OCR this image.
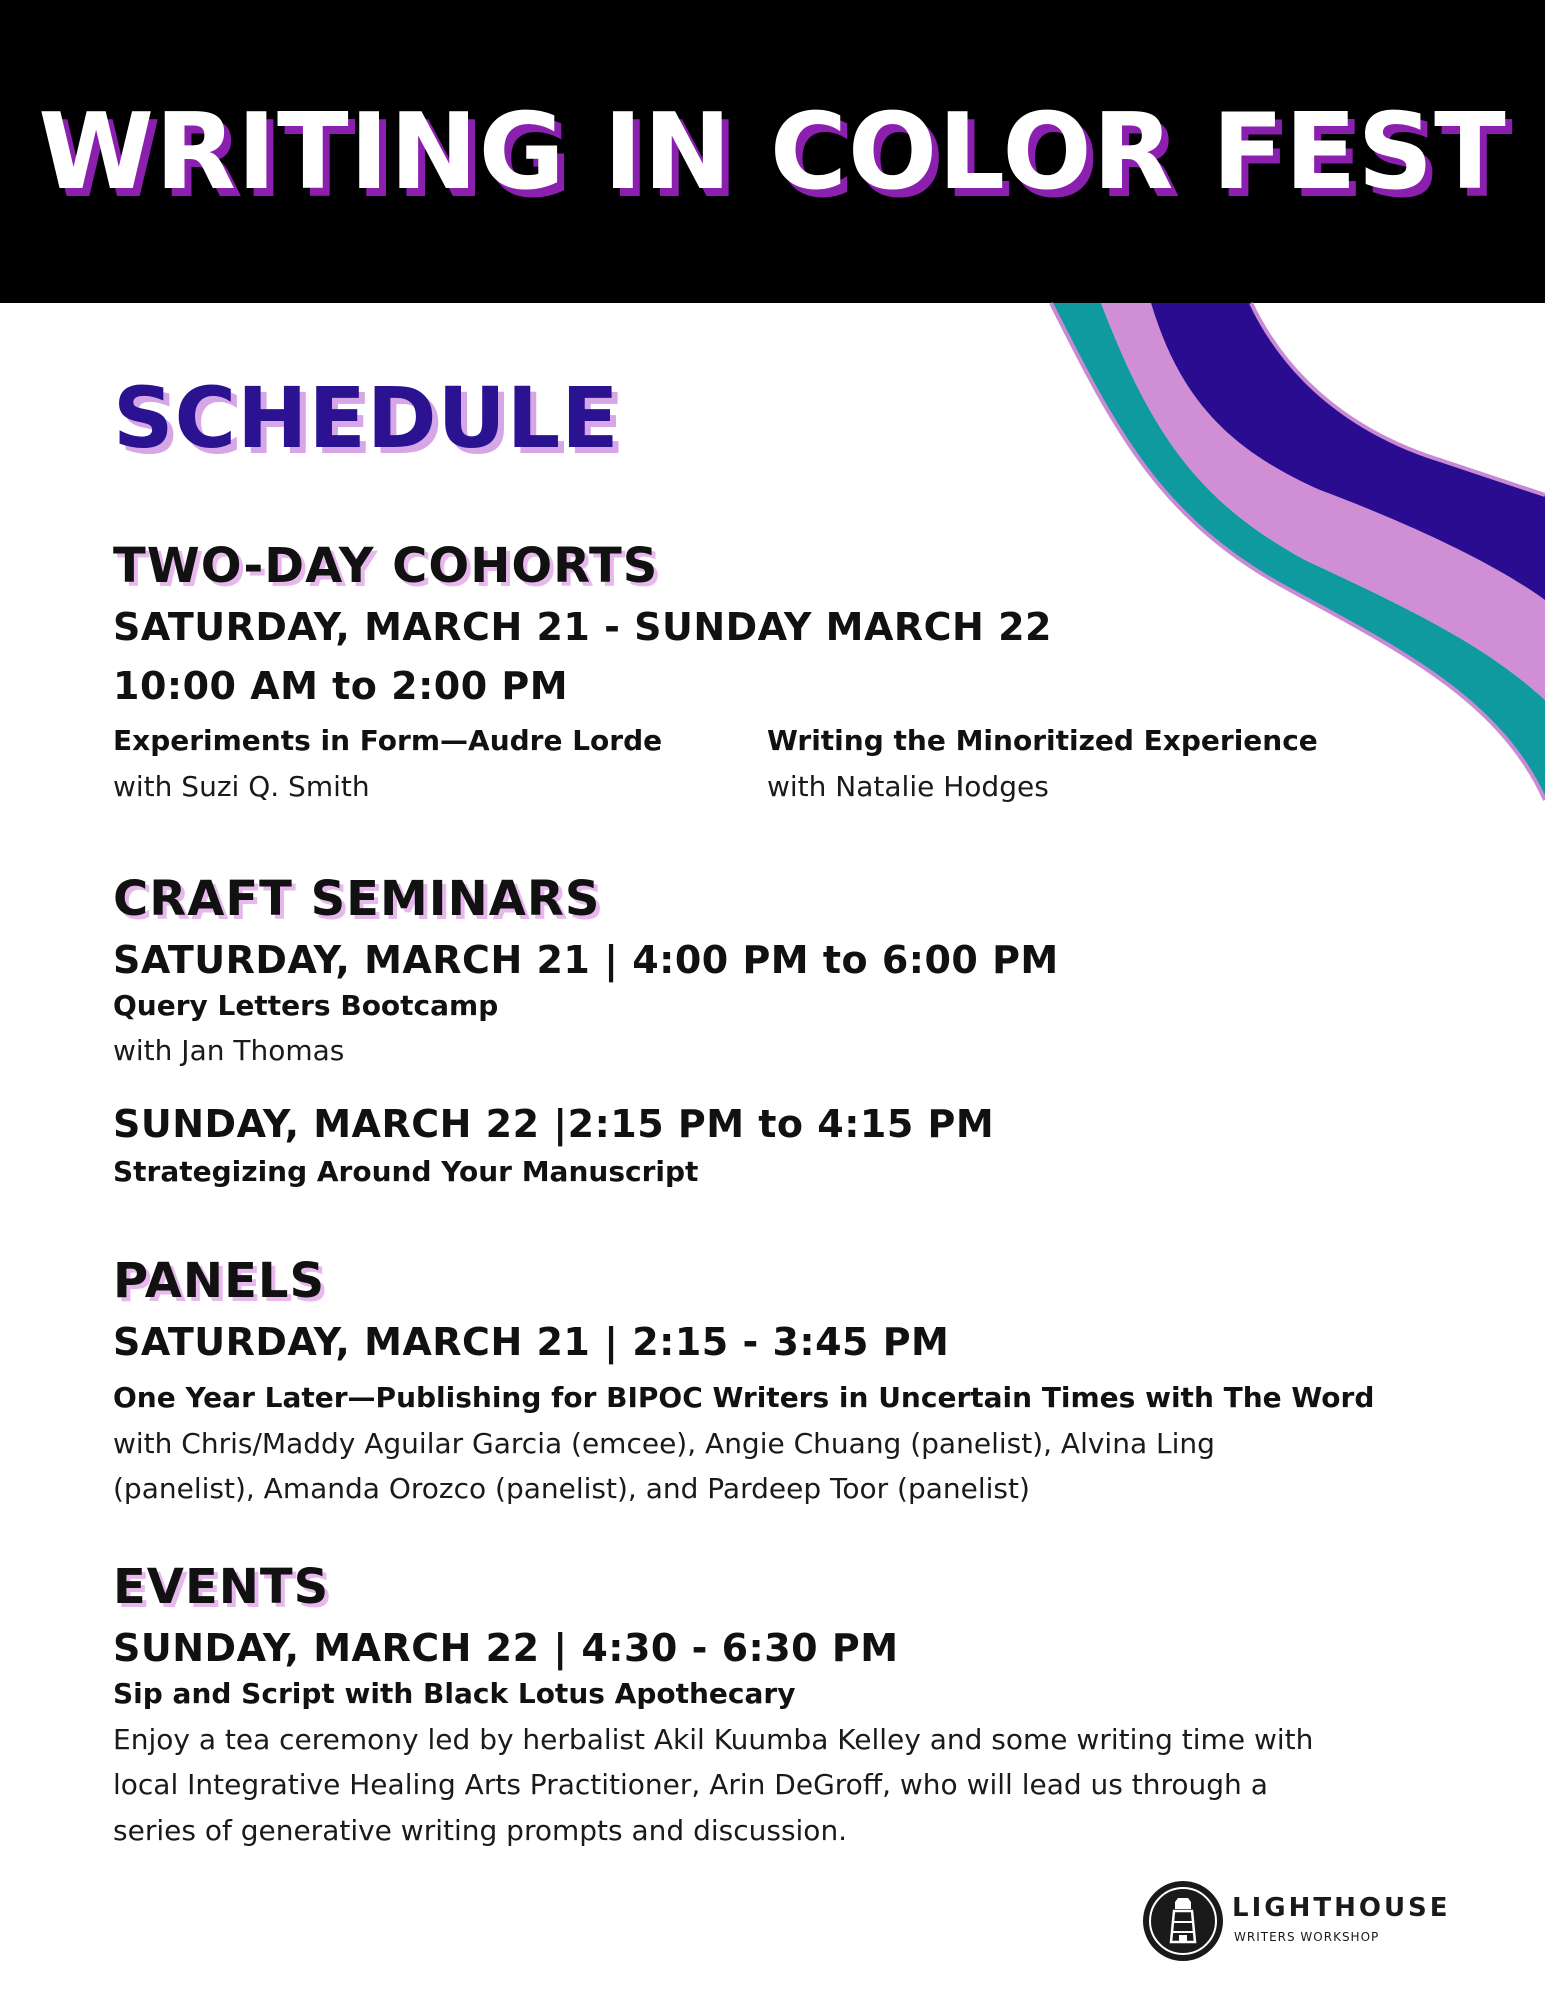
WRITING IN COLOR FEST
SCHEDULE
TWO-DAY COHORTS
SATURDAY, MARCH 21 - SUNDAY MARCH 22
10:00 AM to 2:00 PM
Experiments in Form—Audre Lorde
with Suzi Q. Smith
Writing the Minoritized Experience
with Natalie Hodges
CRAFT SEMINARS
SATURDAY, MARCH 21 | 4:00 PM to 6:00 PM
Query Letters Bootcamp
with Jan Thomas
SUNDAY, MARCH 22 |2:15 PM to 4:15 PM
Strategizing Around Your Manuscript
PANELS
SATURDAY, MARCH 21 | 2:15 - 3:45 PM
One Year Later—Publishing for BIPOC Writers in Uncertain Times with The Word
with Chris/Maddy Aguilar Garcia (emcee), Angie Chuang (panelist), Alvina Ling
(panelist), Amanda Orozco (panelist), and Pardeep Toor (panelist)
EVENTS
SUNDAY, MARCH 22 | 4:30 - 6:30 PM
Sip and Script with Black Lotus Apothecary
Enjoy a tea ceremony led by herbalist Akil Kuumba Kelley and some writing time with
local Integrative Healing Arts Practitioner, Arin DeGroff, who will lead us through a
series of generative writing prompts and discussion.
LIGHTHOUSE
WRITERS WORKSHOP
